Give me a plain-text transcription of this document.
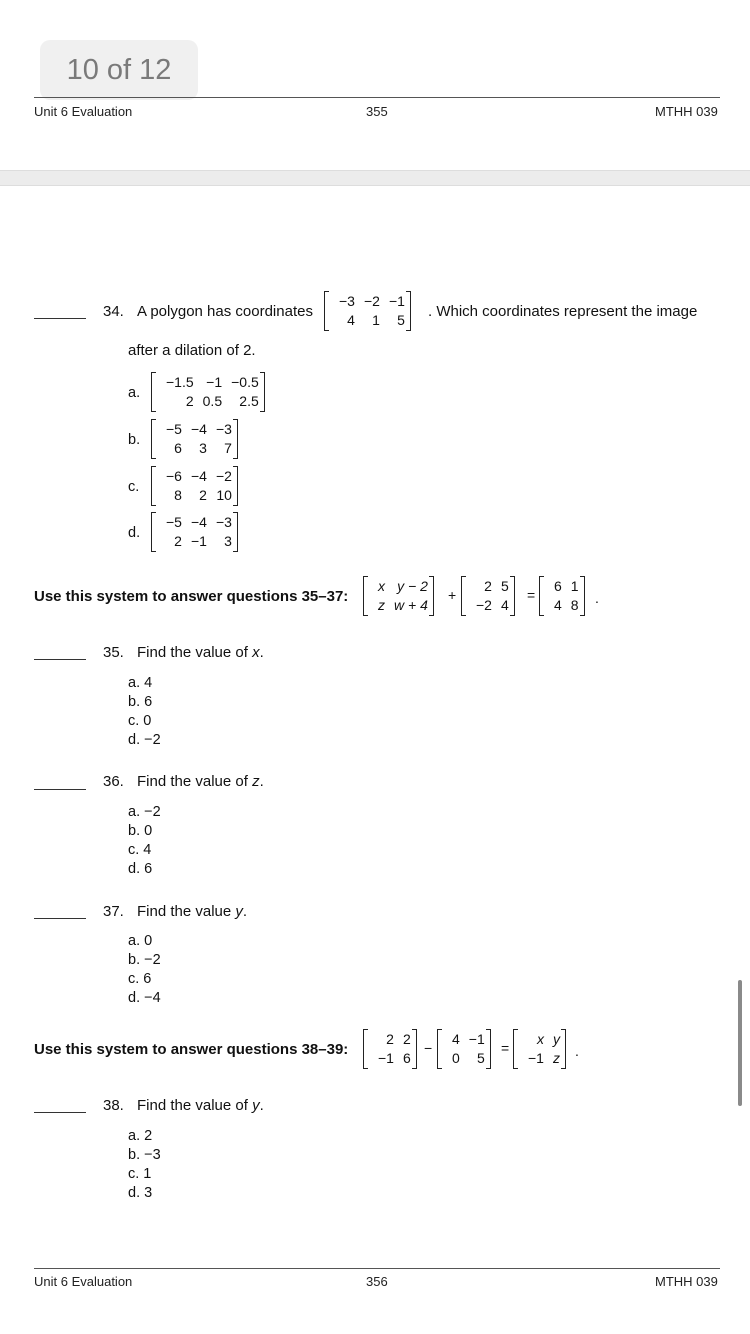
10 of 12
Unit 6 Evaluation	355	MTHH 039
34. A polygon has coordinates
−3 −2 −1
4	1	5 . Which coordinates represent the image
after a dilation of 2.
a.
−1.5 −1 −0.5
2 0.5	2.5
b.
−5 −4 −3
6	3	7
c.
−6 −4 −2
8	2 10
d.
−5 −4 −3
2 −1	3
Use this system to answer questions 35–37:
x y − 2
z w + 4
+
2 5
−2 4
=
6 1
4 8 .
35. Find the value of x.
a. 4
b. 6
c. 0
d. −2
36. Find the value of z.
a. −2
b. 0
c. 4
d. 6
37. Find the value y.
a. 0
b. −2
c. 6
d. −4
Use this system to answer questions 38–39:
2 2
−1 6
−
4 −1
0	5
=
x y
−1 z .
38. Find the value of y.
a. 2
b. −3
c. 1
d. 3
Unit 6 Evaluation	356	MTHH 039
